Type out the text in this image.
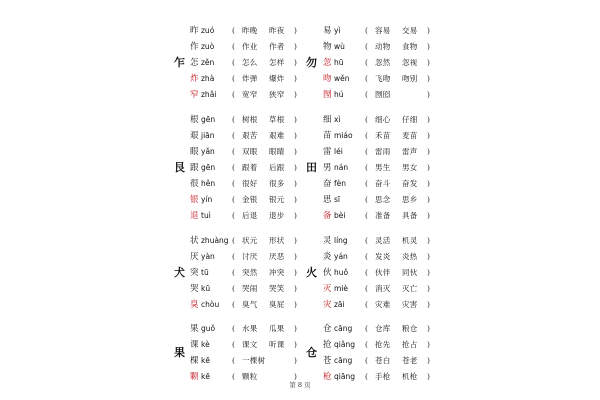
昨 zuó ( 昨晚 昨夜 )
作 zuò ( 作业 作者 )
怎 zěn ( 怎么 怎样 )
炸 zhà ( 炸弹 爆炸 )
窄 zhǎi ( 宽窄 狭窄 )
易 yì	( 容易 交易 )
物 wù	( 动物 食物 )
忽 hū	( 忽然 忽视 )
吻 wěn ( 飞吻 吻别 )
囫 hú	( 囫囵	)
乍	勿
根 gēn ( 树根 草根 )
艰 jiān ( 艰苦 艰难 )
眼 yǎn ( 双眼 眼睛 )
跟 gēn ( 跟着 后跟 )
很 hěn ( 很好 很多 )
银 yín	( 金银 银元 )
退 tuì	( 后退 退步 )
细 xì	( 细心 仔细 )
苗 miáo ( 禾苗 麦苗 )
雷 léi	( 雷雨 雷声 )
男 nán ( 男生 男女 )
奋 fèn	( 奋斗 奋发 )
思 sī	( 思念 思乡 )
备 bèi	( 准备 具备 )
艮	田
状 zhuàng ( 状元 形状 )
厌 yàn ( 讨厌 厌恶 )
突 tū	( 突然 冲突 )
哭 kū	( 哭闹 哭笑 )
臭 chòu ( 臭气 臭屁 )
灵 líng ( 灵活 机灵 )
炎 yán ( 发炎 炎热 )
伙 huǒ ( 伙伴 同伙 )
灭 miè ( 消灭 灭亡 )
灾 zāi	( 灾难 灾害 )
犬	火
果 guǒ ( 水果 瓜果 )
课 kè	( 课文 听课 )
棵 kē	( 一棵树	)
颗 kē	( 颗粒	)
仓 cāng ( 仓库 粮仓 )
抢 qiǎng ( 抢先 抢占 )
苍 cāng ( 苍白 苍老 )
枪 qiāng ( 手枪 机枪 )
果	仓
第 8 页
